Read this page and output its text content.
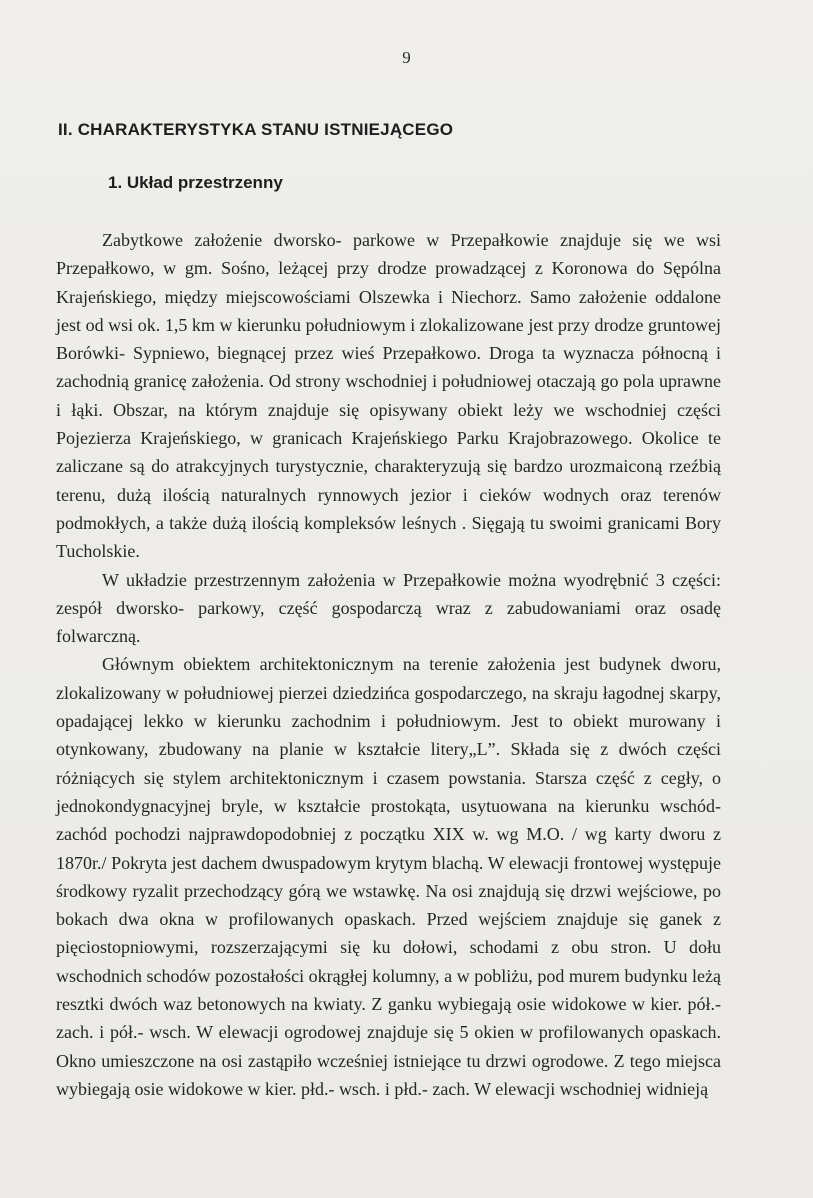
9
II. CHARAKTERYSTYKA STANU ISTNIEJĄCEGO
1. Układ przestrzenny

Zabytkowe założenie dworsko- parkowe w Przepałkowie znajduje się we wsi Przepałkowo, w gm. Sośno, leżącej przy drodze prowadzącej z Koronowa do Sępólna Krajeńskiego, między miejscowościami Olszewka i Niechorz. Samo założenie oddalone jest od wsi ok. 1,5 km w kierunku południowym i zlokalizowane jest przy drodze gruntowej Borówki- Sypniewo, biegnącej przez wieś Przepałkowo. Droga ta wyznacza północną i zachodnią granicę założenia. Od strony wschodniej i południowej otaczają go pola uprawne i łąki. Obszar, na którym znajduje się opisywany obiekt leży we wschodniej części Pojezierza Krajeńskiego, w granicach Krajeńskiego Parku Krajobrazowego. Okolice te zaliczane są do atrakcyjnych turystycznie, charakteryzują się bardzo urozmaiconą rzeźbią terenu, dużą ilością naturalnych rynnowych jezior i cieków wodnych oraz terenów podmokłych, a także dużą ilością kompleksów leśnych . Sięgają tu swoimi granicami Bory Tucholskie.

W układzie przestrzennym założenia w Przepałkowie można wyodrębnić 3 części: zespół dworsko- parkowy, część gospodarczą wraz z zabudowaniami oraz osadę folwarczną.

Głównym obiektem architektonicznym na terenie założenia jest budynek dworu, zlokalizowany w południowej pierzei dziedzińca gospodarczego, na skraju łagodnej skarpy, opadającej lekko w kierunku zachodnim i południowym. Jest to obiekt murowany i otynkowany, zbudowany na planie w kształcie litery„L”. Składa się z dwóch części różniących się stylem architektonicznym i czasem powstania. Starsza część z cegły, o jednokondygnacyjnej bryle, w kształcie prostokąta, usytuowana na kierunku wschód-zachód pochodzi najprawdopodobniej z początku XIX w. wg M.O. / wg karty dworu z 1870r./ Pokryta jest dachem dwuspadowym krytym blachą. W elewacji frontowej występuje środkowy ryzalit przechodzący górą we wstawkę. Na osi znajdują się drzwi wejściowe, po bokach dwa okna w profilowanych opaskach. Przed wejściem znajduje się ganek z pięciostopniowymi, rozszerzającymi się ku dołowi, schodami z obu stron. U dołu wschodnich schodów pozostałości okrągłej kolumny, a w pobliżu, pod murem budynku leżą resztki dwóch waz betonowych na kwiaty. Z ganku wybiegają osie widokowe w kier. pół.- zach. i pół.- wsch. W elewacji ogrodowej znajduje się 5 okien w profilowanych opaskach. Okno umieszczone na osi zastąpiło wcześniej istniejące tu drzwi ogrodowe. Z tego miejsca wybiegają osie widokowe w kier. płd.- wsch. i płd.- zach. W elewacji wschodniej widnieją
